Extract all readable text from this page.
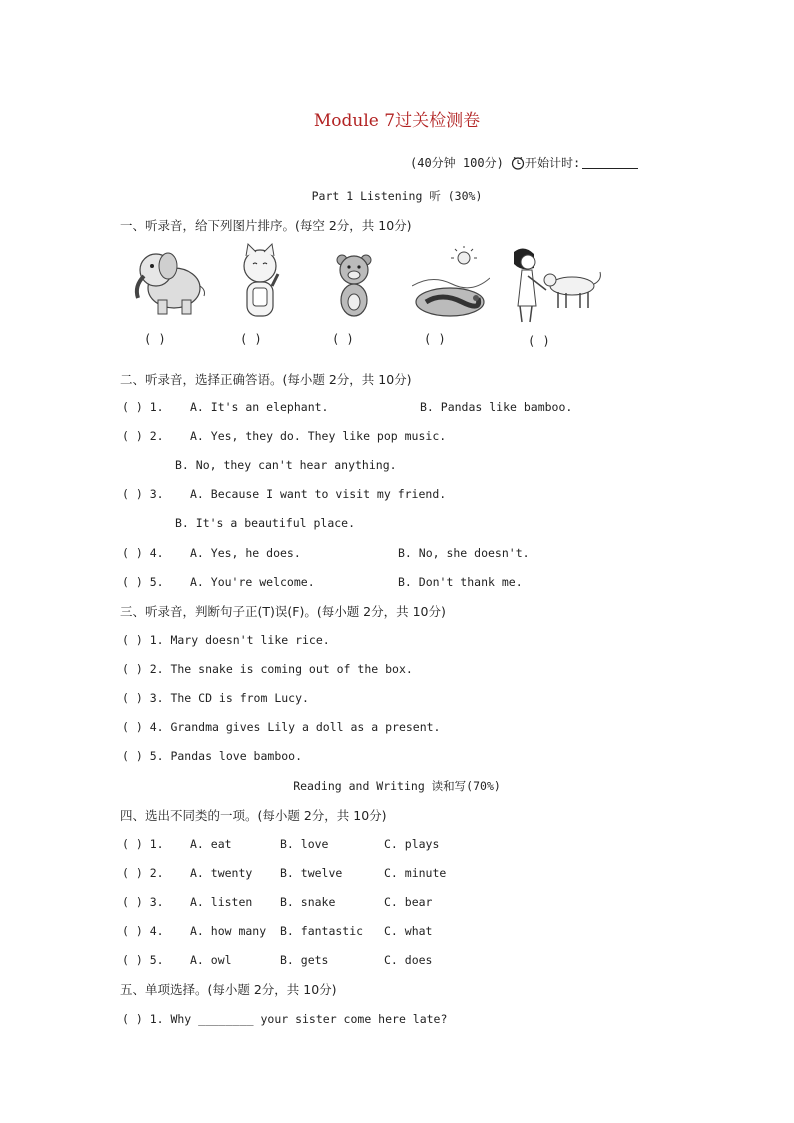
Module 7过关检测卷
(40分钟 100分) 开始计时:
Part 1 Listening 听 (30%)
一、听录音，给下列图片排序。(每空 2分，共 10分)
( )	( )	( )	( )	( )
二、听录音，选择正确答语。(每小题 2分，共 10分)
( ) 1. A. It's an elephant.	B. Pandas like bamboo.
( ) 2. A. Yes, they do. They like pop music.
B. No, they can't hear anything.
( ) 3. A. Because I want to visit my friend.
B. It's a beautiful place.
( ) 4. A. Yes, he does.	B. No, she doesn't.
( ) 5. A. You're welcome.	B. Don't thank me.
三、听录音，判断句子正(T)误(F)。(每小题 2分，共 10分)
( ) 1. Mary doesn't like rice.
( ) 2. The snake is coming out of the box.
( ) 3. The CD is from Lucy.
( ) 4. Grandma gives Lily a doll as a present.
( ) 5. Pandas love bamboo.
Reading and Writing 读和写(70%)
四、选出不同类的一项。(每小题 2分，共 10分)
( ) 1. A. eat	B. love	C. plays
( ) 2. A. twenty B. twelve	C. minute
( ) 3. A. listen B. snake	C. bear
( ) 4. A. how many B. fantastic C. what
( ) 5. A. owl	B. gets	C. does
五、单项选择。(每小题 2分，共 10分)
( ) 1. Why ________ your sister come here late?
